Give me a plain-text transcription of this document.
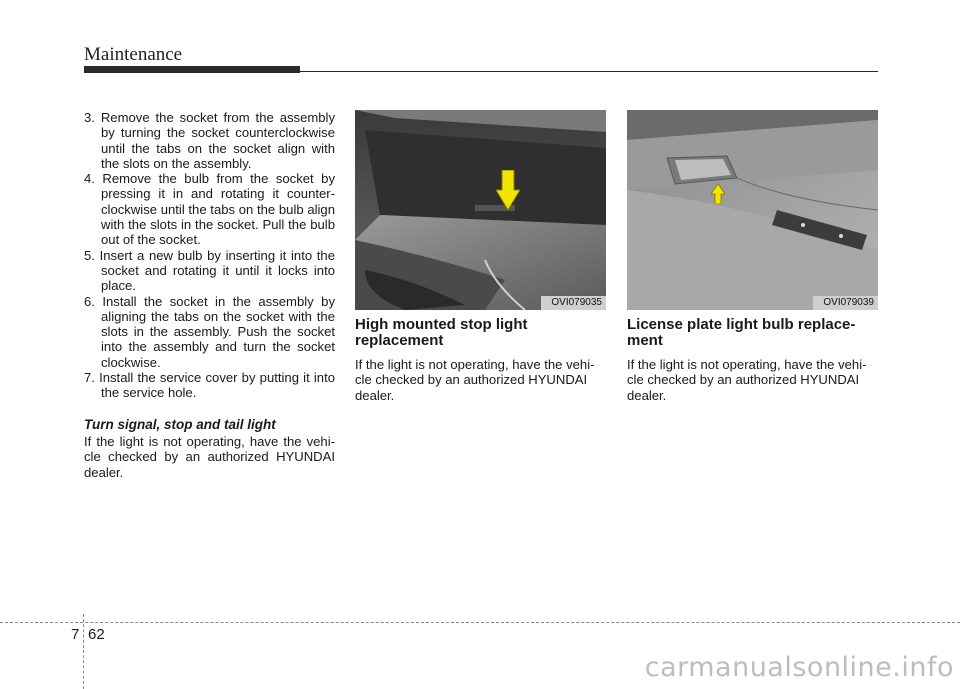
Maintenance
3. Remove the socket from the assembly by turning the socket counterclockwise until the tabs on the socket align with the slots on the assembly.
4. Remove the bulb from the socket by pressing it in and rotating it counter-clockwise until the tabs on the bulb align with the slots in the socket. Pull the bulb out of the socket.
5. Insert a new bulb by inserting it into the socket and rotating it until it locks into place.
6. Install the socket in the assembly by aligning the tabs on the socket with the slots in the assembly. Push the socket into the assembly and turn the socket clockwise.
7. Install the service cover by putting it into the service hole.
Turn signal, stop and tail light
If the light is not operating, have the vehi-cle checked by an authorized HYUNDAI dealer.
OVI079035
High mounted stop light replacement
If the light is not operating, have the vehi-cle checked by an authorized HYUNDAI dealer.
OVI079039
License plate light bulb replace-ment
If the light is not operating, have the vehi-cle checked by an authorized HYUNDAI dealer.
7 62
carmanualsonline.info
